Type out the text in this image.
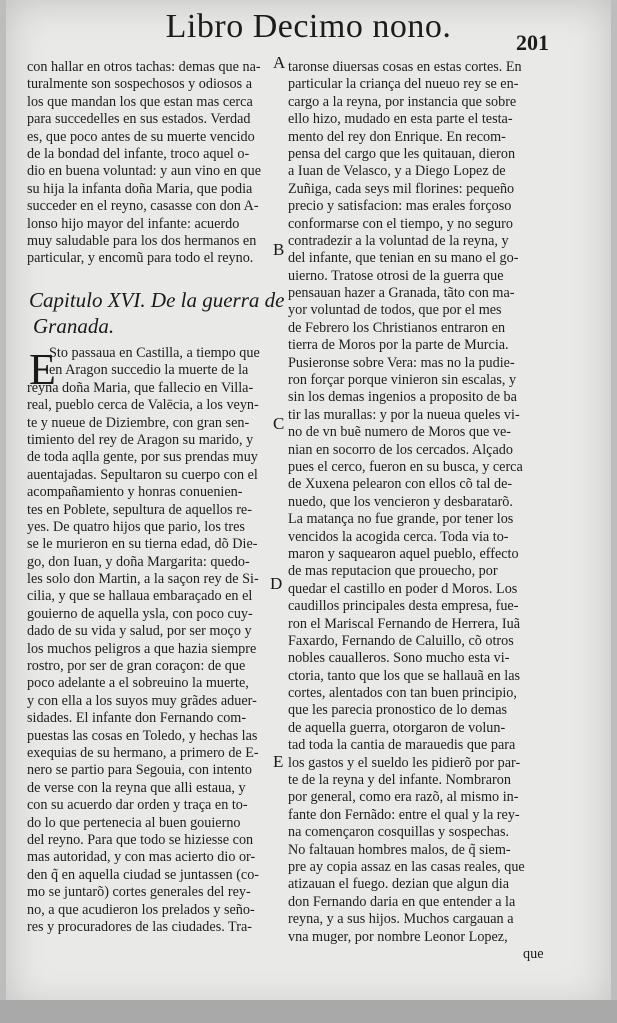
Libro Decimo nono.	201
con hallar en otros tachas: demas que na-
turalmente son sospechosos y odiosos a
los que mandan los que estan mas cerca
para succedelles en sus estados. Verdad
es, que poco antes de su muerte vencido
de la bondad del infante, troco aquel o-
dio en buena voluntad: y aun vino en que
su hija la infanta doña Maria, que podia
succeder en el reyno, casasse con don A-
lonso hijo mayor del infante: acuerdo
muy saludable para los dos hermanos en
particular, y encomũ para todo el reyno.
Capitulo XVI. De la guerra de
Granada.
E
Sto passaua en Castilla, a tiempo que
en Aragon succedio la muerte de la
reyna doña Maria, que fallecio en Villa-
real, pueblo cerca de Valēcia, a los veyn-
te y nueue de Diziembre, con gran sen-
timiento del rey de Aragon su marido, y
de toda aqlla gente, por sus prendas muy
auentajadas. Sepultaron su cuerpo con el
acompañamiento y honras conuenien-
tes en Poblete, sepultura de aquellos re-
yes. De quatro hijos que pario, los tres
se le murieron en su tierna edad, dõ Die-
go, don Iuan, y doña Margarita: quedo-
les solo don Martin, a la saçon rey de Si-
cilia, y que se hallaua embaraçado en el
gouierno de aquella ysla, con poco cuy-
dado de su vida y salud, por ser moço y
los muchos peligros a que hazia siempre
rostro, por ser de gran coraçon: de que
poco adelante a el sobreuino la muerte,
y con ella a los suyos muy grãdes aduer-
sidades. El infante don Fernando com-
puestas las cosas en Toledo, y hechas las
exequias de su hermano, a primero de E-
nero se partio para Segouia, con intento
de verse con la reyna que alli estaua, y
con su acuerdo dar orden y traça en to-
do lo que pertenecia al buen gouierno
del reyno. Para que todo se hiziesse con
mas autoridad, y con mas acierto dio or-
den q̃ en aquella ciudad se juntassen (co-
mo se juntarõ) cortes generales del rey-
no, a que acudieron los prelados y seño-
res y procuradores de las ciudades. Tra-
taronse diuersas cosas en estas cortes. En
particular la criança del nueuo rey se en-
cargo a la reyna, por instancia que sobre
ello hizo, mudado en esta parte el testa-
mento del rey don Enrique. En recom-
pensa del cargo que les quitauan, dieron
a Iuan de Velasco, y a Diego Lopez de
Zuñiga, cada seys mil florines: pequeño
precio y satisfacion: mas erales forçoso
conformarse con el tiempo, y no seguro
contradezir a la voluntad de la reyna, y
del infante, que tenian en su mano el go-
uierno. Tratose otrosi de la guerra que
pensauan hazer a Granada, tãto con ma-
yor voluntad de todos, que por el mes
de Febrero los Christianos entraron en
tierra de Moros por la parte de Murcia.
Pusieronse sobre Vera: mas no la pudie-
ron forçar porque vinieron sin escalas, y
sin los demas ingenios a proposito de ba
tir las murallas: y por la nueua queles vi-
no de vn buẽ numero de Moros que ve-
nian en socorro de los cercados. Alçado
pues el cerco, fueron en su busca, y cerca
de Xuxena pelearon con ellos cõ tal de-
nuedo, que los vencieron y desbaratarõ.
La matança no fue grande, por tener los
vencidos la acogida cerca. Toda via to-
maron y saquearon aquel pueblo, effecto
de mas reputacion que prouecho, por
quedar el castillo en poder d Moros. Los
caudillos principales desta empresa, fue-
ron el Mariscal Fernando de Herrera, Iuã
Faxardo, Fernando de Caluillo, cõ otros
nobles caualleros. Sono mucho esta vi-
ctoria, tanto que los que se hallauã en las
cortes, alentados con tan buen principio,
que les parecia pronostico de lo demas
de aquella guerra, otorgaron de volun-
tad toda la cantia de marauedis que para
los gastos y el sueldo les pidierõ por par-
te de la reyna y del infante. Nombraron
por general, como era razõ, al mismo in-
fante don Fernãdo: entre el qual y la rey-
na començaron cosquillas y sospechas.
No faltauan hombres malos, de q̃ siem-
pre ay copia assaz en las casas reales, que
atizauan el fuego. dezian que algun dia
don Fernando daria en que entender a la
reyna, y a sus hijos. Muchos cargauan a
vna muger, por nombre Leonor Lopez,
A
B
C
D
E
que
